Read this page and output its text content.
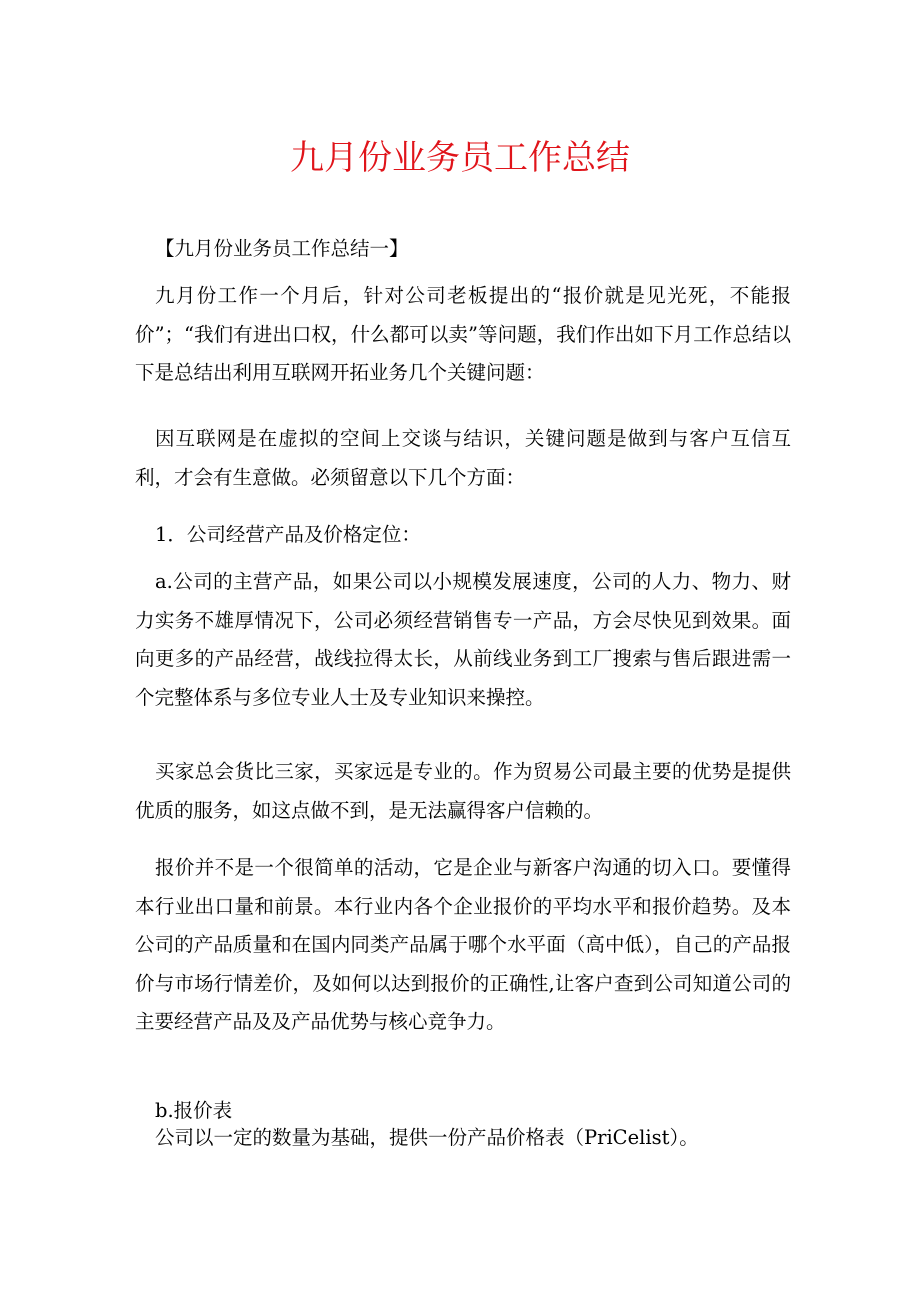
九月份业务员工作总结

【九月份业务员工作总结一】

九月份工作一个月后，针对公司老板提出的“报价就是见光死，不能报价”；“我们有进出口权，什么都可以卖”等问题，我们作出如下月工作总结以下是总结出利用互联网开拓业务几个关键问题：

因互联网是在虚拟的空间上交谈与结识，关键问题是做到与客户互信互利，才会有生意做。必须留意以下几个方面：

1．公司经营产品及价格定位：

a.公司的主营产品，如果公司以小规模发展速度，公司的人力、物力、财力实务不雄厚情况下，公司必须经营销售专一产品，方会尽快见到效果。面向更多的产品经营，战线拉得太长，从前线业务到工厂搜索与售后跟进需一个完整体系与多位专业人士及专业知识来操控。

买家总会货比三家，买家远是专业的。作为贸易公司最主要的优势是提供优质的服务，如这点做不到，是无法赢得客户信赖的。

报价并不是一个很简单的活动，它是企业与新客户沟通的切入口。要懂得本行业出口量和前景。本行业内各个企业报价的平均水平和报价趋势。及本公司的产品质量和在国内同类产品属于哪个水平面（高中低），自己的产品报价与市场行情差价，及如何以达到报价的正确性,让客户查到公司知道公司的主要经营产品及及产品优势与核心竞争力。

b.报价表

公司以一定的数量为基础，提供一份产品价格表（PriCelist）。
